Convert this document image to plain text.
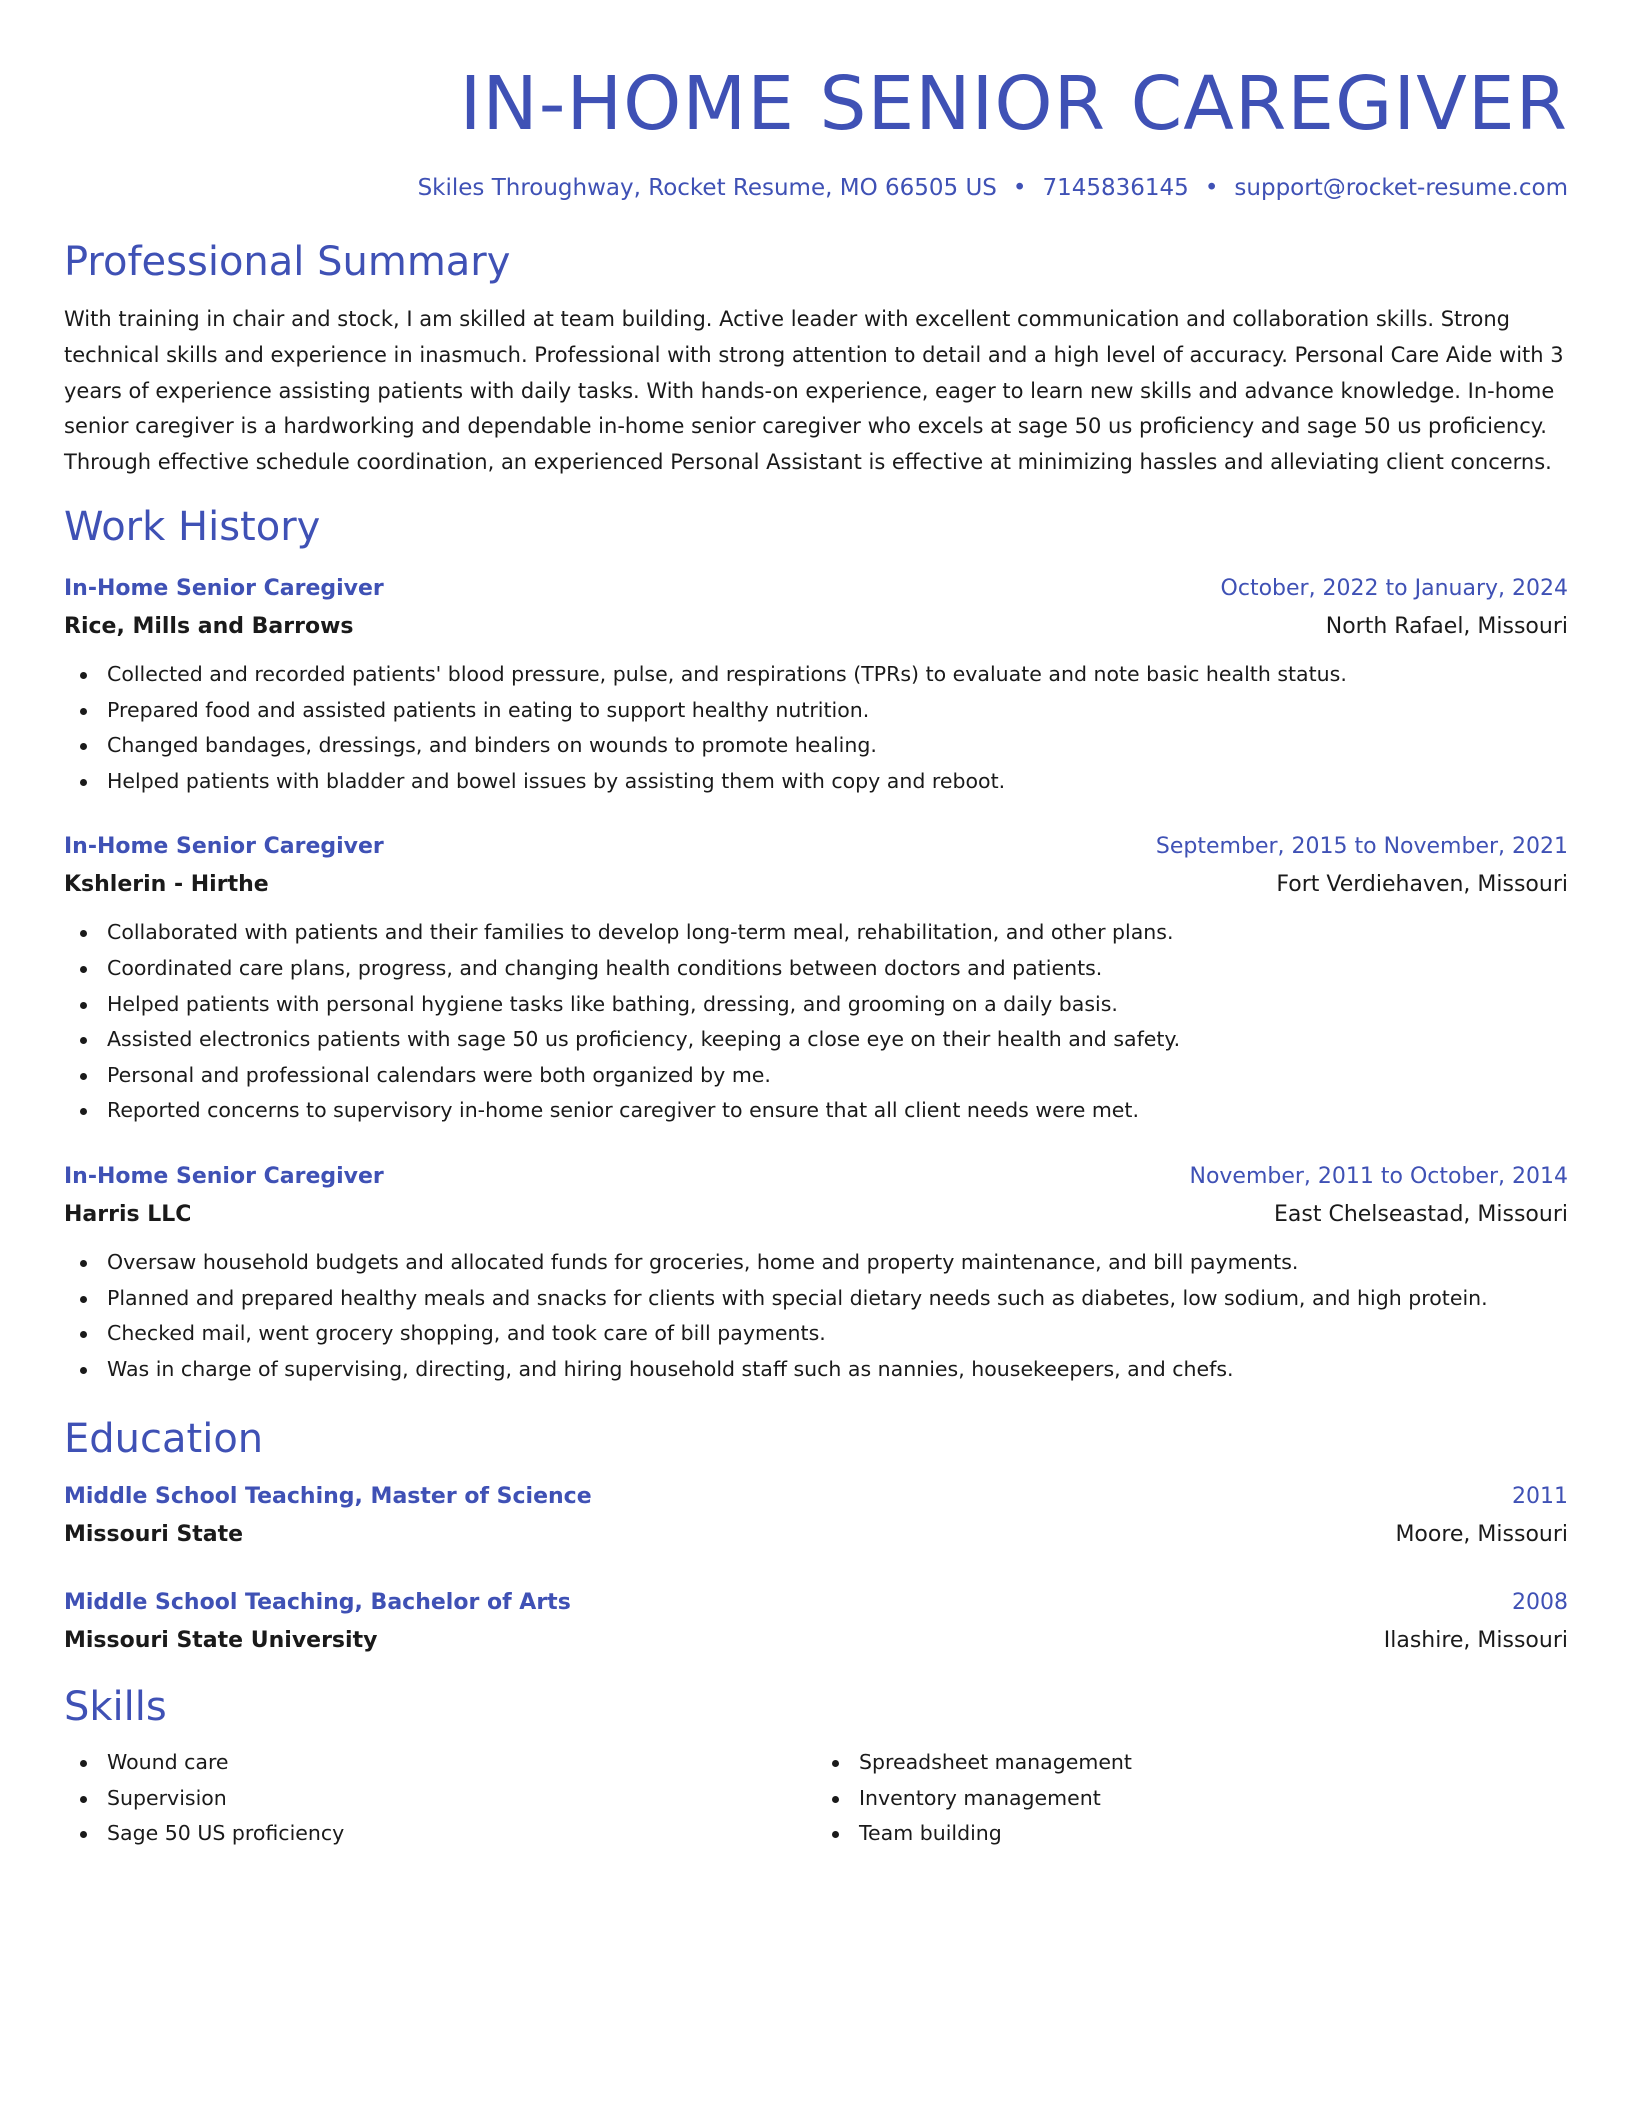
IN-HOME SENIOR CAREGIVER
Skiles Throughway, Rocket Resume, MO 66505 US • 7145836145 • support@rocket-resume.com
Professional Summary

With training in chair and stock, I am skilled at team building. Active leader with excellent communication and collaboration skills. Strong technical skills and experience in inasmuch. Professional with strong attention to detail and a high level of accuracy. Personal Care Aide with 3 years of experience assisting patients with daily tasks. With hands-on experience, eager to learn new skills and advance knowledge. In-home senior caregiver is a hardworking and dependable in-home senior caregiver who excels at sage 50 us proficiency and sage 50 us proficiency. Through effective schedule coordination, an experienced Personal Assistant is effective at minimizing hassles and alleviating client concerns.

Work History
In-Home Senior Caregiver	October, 2022 to January, 2024
Rice, Mills and Barrows	North Rafael, Missouri
Collected and recorded patients' blood pressure, pulse, and respirations (TPRs) to evaluate and note basic health status.
Prepared food and assisted patients in eating to support healthy nutrition.
Changed bandages, dressings, and binders on wounds to promote healing.
Helped patients with bladder and bowel issues by assisting them with copy and reboot.
In-Home Senior Caregiver	September, 2015 to November, 2021
Kshlerin - Hirthe	Fort Verdiehaven, Missouri
Collaborated with patients and their families to develop long-term meal, rehabilitation, and other plans.
Coordinated care plans, progress, and changing health conditions between doctors and patients.
Helped patients with personal hygiene tasks like bathing, dressing, and grooming on a daily basis.
Assisted electronics patients with sage 50 us proficiency, keeping a close eye on their health and safety.
Personal and professional calendars were both organized by me.
Reported concerns to supervisory in-home senior caregiver to ensure that all client needs were met.
In-Home Senior Caregiver	November, 2011 to October, 2014
Harris LLC	East Chelseastad, Missouri
Oversaw household budgets and allocated funds for groceries, home and property maintenance, and bill payments.
Planned and prepared healthy meals and snacks for clients with special dietary needs such as diabetes, low sodium, and high protein.
Checked mail, went grocery shopping, and took care of bill payments.
Was in charge of supervising, directing, and hiring household staff such as nannies, housekeepers, and chefs.
Education
Middle School Teaching, Master of Science	2011
Missouri State	Moore, Missouri
Middle School Teaching, Bachelor of Arts	2008
Missouri State University	Ilashire, Missouri
Skills
Wound care
Supervision
Sage 50 US proficiency
Spreadsheet management
Inventory management
Team building
